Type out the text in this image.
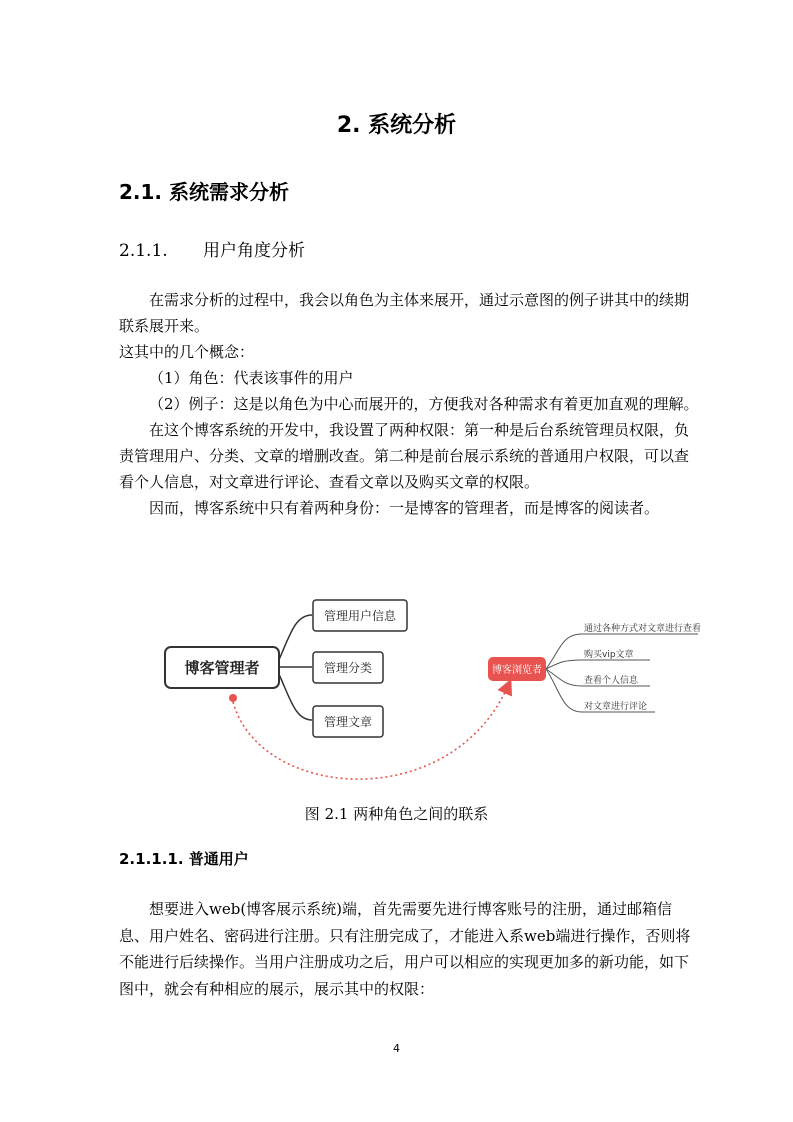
2. 系统分析
2.1. 系统需求分析
2.1.1. 用户角度分析

在需求分析的过程中，我会以角色为主体来展开，通过示意图的例子讲其中的续期联系展开来。

这其中的几个概念：

（1）角色：代表该事件的用户

（2）例子：这是以角色为中心而展开的，方便我对各种需求有着更加直观的理解。

在这个博客系统的开发中，我设置了两种权限：第一种是后台系统管理员权限，负责管理用户、分类、文章的增删改查。第二种是前台展示系统的普通用户权限，可以查看个人信息，对文章进行评论、查看文章以及购买文章的权限。

因而，博客系统中只有着两种身份：一是博客的管理者，而是博客的阅读者。

博客管理者
管理用户信息
管理分类
管理文章
博客浏览者
通过各种方式对文章进行查看
购买vip文章
查看个人信息
对文章进行评论
图 2.1 两种角色之间的联系
2.1.1.1. 普通用户

想要进入web(博客展示系统)端，首先需要先进行博客账号的注册，通过邮箱信息、用户姓名、密码进行注册。只有注册完成了，才能进入系web端进行操作，否则将不能进行后续操作。当用户注册成功之后，用户可以相应的实现更加多的新功能，如下图中，就会有种相应的展示，展示其中的权限：

4
